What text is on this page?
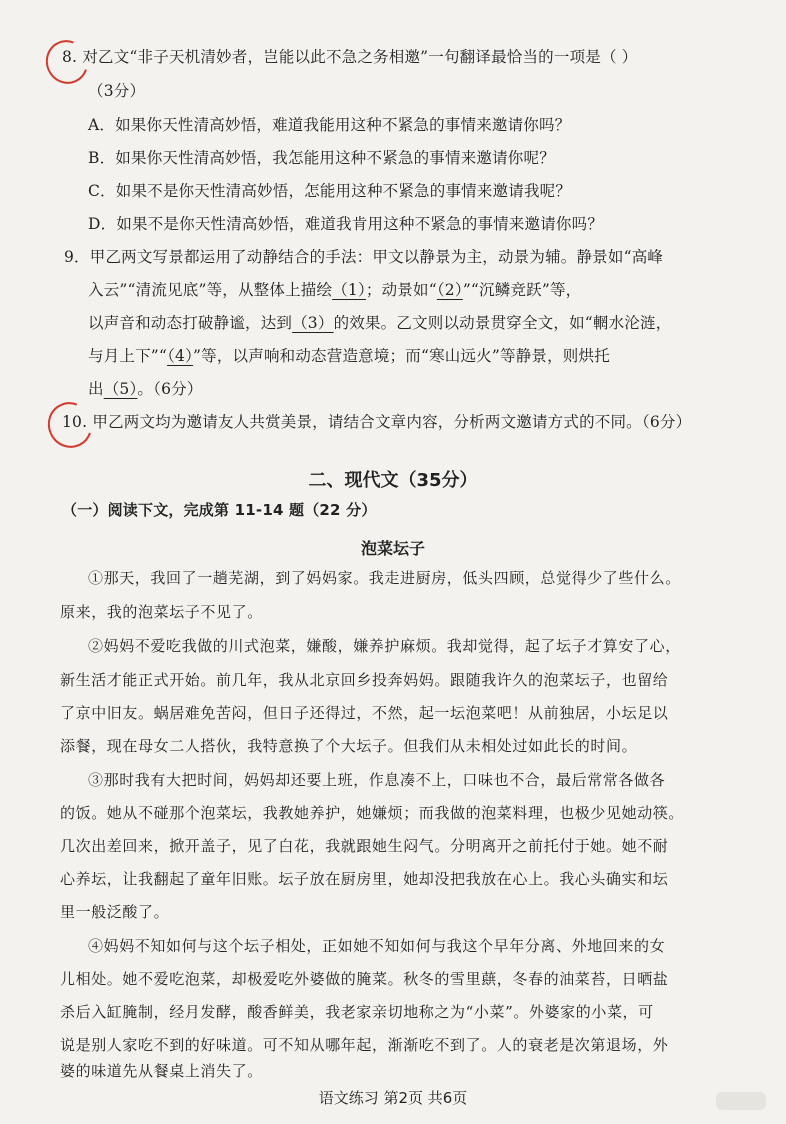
8. 对乙文“非子天机清妙者，岂能以此不急之务相邀”一句翻译最恰当的一项是（ ）
（3分）
A．如果你天性清高妙悟，难道我能用这种不紧急的事情来邀请你吗？
B．如果你天性清高妙悟，我怎能用这种不紧急的事情来邀请你呢？
C．如果不是你天性清高妙悟，怎能用这种不紧急的事情来邀请我呢？
D．如果不是你天性清高妙悟，难道我肯用这种不紧急的事情来邀请你吗？
9．甲乙两文写景都运用了动静结合的手法：甲文以静景为主，动景为辅。静景如“高峰
入云”“清流见底”等，从整体上描绘（1）；动景如“（2）”“沉鳞竞跃”等，
以声音和动态打破静谧，达到（3）的效果。乙文则以动景贯穿全文，如“輞水沦涟，
与月上下”“（4）”等，以声响和动态营造意境；而“寒山远火”等静景，则烘托
出（5）。（6分）
10. 甲乙两文均为邀请友人共赏美景，请结合文章内容，分析两文邀请方式的不同。（6分）
二、现代文（35分）
（一）阅读下文，完成第 11-14 题（22 分）
泡菜坛子
①那天，我回了一趟芜湖，到了妈妈家。我走进厨房，低头四顾，总觉得少了些什么。
原来，我的泡菜坛子不见了。
②妈妈不爱吃我做的川式泡菜，嫌酸，嫌养护麻烦。我却觉得，起了坛子才算安了心，
新生活才能正式开始。前几年，我从北京回乡投奔妈妈。跟随我许久的泡菜坛子，也留给
了京中旧友。蜗居难免苦闷，但日子还得过，不然，起一坛泡菜吧！从前独居，小坛足以
添餐，现在母女二人搭伙，我特意换了个大坛子。但我们从未相处过如此长的时间。
③那时我有大把时间，妈妈却还要上班，作息凑不上，口味也不合，最后常常各做各
的饭。她从不碰那个泡菜坛，我教她养护，她嫌烦；而我做的泡菜料理，也极少见她动筷。
几次出差回来，掀开盖子，见了白花，我就跟她生闷气。分明离开之前托付于她。她不耐
心养坛，让我翻起了童年旧账。坛子放在厨房里，她却没把我放在心上。我心头确实和坛
里一般泛酸了。
④妈妈不知如何与这个坛子相处，正如她不知如何与我这个早年分离、外地回来的女
儿相处。她不爱吃泡菜，却极爱吃外婆做的腌菜。秋冬的雪里蕻，冬春的油菜苔，日晒盐
杀后入缸腌制，经月发酵，酸香鲜美，我老家亲切地称之为“小菜”。外婆家的小菜，可
说是别人家吃不到的好味道。可不知从哪年起，渐渐吃不到了。人的衰老是次第退场，外
婆的味道先从餐桌上消失了。
语文练习 第2页 共6页
